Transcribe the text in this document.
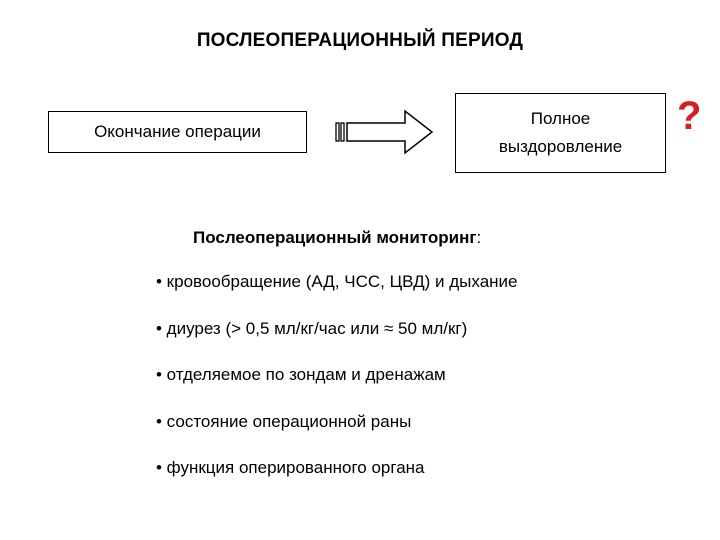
ПОСЛЕОПЕРАЦИОННЫЙ ПЕРИОД
Окончание операции
Полное
выздоровление
?
Послеоперационный мониторинг:
• кровообращение (АД, ЧСС, ЦВД) и дыхание
• диурез (> 0,5 мл/кг/час или ≈ 50 мл/кг)
• отделяемое по зондам и дренажам
• состояние операционной раны
• функция оперированного органа
